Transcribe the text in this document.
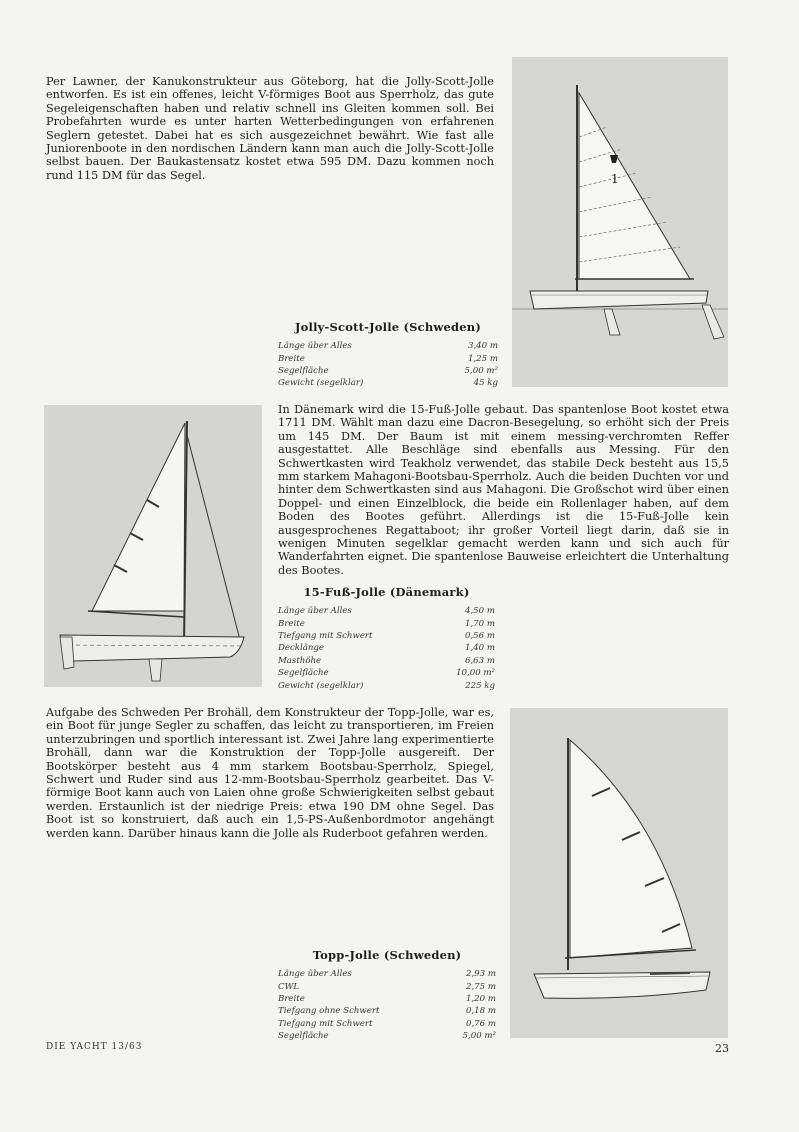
Per Lawner, der Kanukonstrukteur aus Göteborg, hat die Jolly-Scott-Jolle entworfen. Es ist ein offenes, leicht V-förmiges Boot aus Sperrholz, das gute Segeleigenschaften haben und relativ schnell ins Gleiten kommen soll. Bei Probefahrten wurde es unter harten Wetterbedingungen von erfahrenen Seglern getestet. Dabei hat es sich ausgezeichnet bewährt. Wie fast alle Juniorenboote in den nordischen Ländern kann man auch die Jolly-Scott-Jolle selbst bauen. Der Baukastensatz kostet etwa 595 DM. Dazu kommen noch rund 115 DM für das Segel.	1
Jolly-Scott-Jolle (Schweden)
Länge über Alles	3,40 m
Breite	1,25 m
Segelfläche	5,00 m²
Gewicht (segelklar)	45 kg

In Dänemark wird die 15-Fuß-Jolle gebaut. Das spantenlose Boot kostet etwa 1711 DM. Wählt man dazu eine Dacron-Besegelung, so erhöht sich der Preis um 145 DM. Der Baum ist mit einem messing-verchromten Reffer ausgestattet. Alle Beschläge sind ebenfalls aus Messing. Für den Schwertkasten wird Teakholz verwendet, das stabile Deck besteht aus 15,5 mm starkem Mahagoni-Bootsbau-Sperrholz. Auch die beiden Duchten vor und hinter dem Schwertkasten sind aus Mahagoni. Die Großschot wird über einen Doppel- und einen Einzelblock, die beide ein Rollenlager haben, auf dem Boden des Bootes geführt. Allerdings ist die 15-Fuß-Jolle kein ausgesprochenes Regattaboot; ihr großer Vorteil liegt darin, daß sie in wenigen Minuten segelklar gemacht werden kann und sich auch für Wanderfahrten eignet. Die spantenlose Bauweise erleichtert die Unterhaltung des Bootes.

15-Fuß-Jolle (Dänemark)
Länge über Alles	4,50 m
Breite	1,70 m
Tiefgang mit Schwert	0,56 m
Decklänge	1,40 m
Masthöhe	6,63 m
Segelfläche	10,00 m²
Gewicht (segelklar)	225 kg

Aufgabe des Schweden Per Brohäll, dem Konstrukteur der Topp-Jolle, war es, ein Boot für junge Segler zu schaffen, das leicht zu transportieren, im Freien unterzubringen und sportlich interessant ist. Zwei Jahre lang experimentierte Brohäll, dann war die Konstruktion der Topp-Jolle ausgereift. Der Bootskörper besteht aus 4 mm starkem Bootsbau-Sperrholz, Spiegel, Schwert und Ruder sind aus 12-mm-Bootsbau-Sperrholz gearbeitet. Das V-förmige Boot kann auch von Laien ohne große Schwierigkeiten selbst gebaut werden. Erstaunlich ist der niedrige Preis: etwa 190 DM ohne Segel. Das Boot ist so konstruiert, daß auch ein 1,5-PS-Außenbordmotor angehängt werden kann. Darüber hinaus kann die Jolle als Ruderboot gefahren werden.

Topp-Jolle (Schweden)
Länge über Alles	2,93 m
CWL	2,75 m
Breite	1,20 m
Tiefgang ohne Schwert	0,18 m
Tiefgang mit Schwert	0,76 m
Segelfläche	5,00 m²
DIE YACHT 13/63	23
